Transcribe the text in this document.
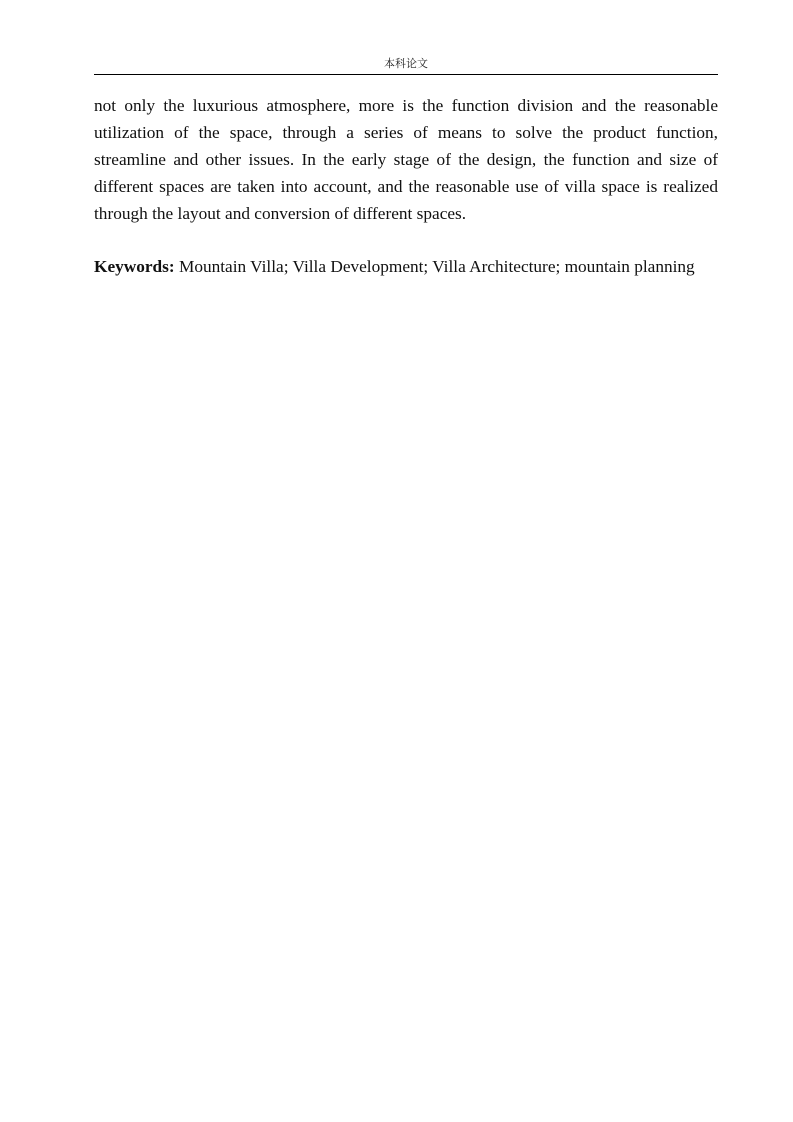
本科论文

not only the luxurious atmosphere, more is the function division and the reasonable utilization of the space, through a series of means to solve the product function, streamline and other issues. In the early stage of the design, the function and size of different spaces are taken into account, and the reasonable use of villa space is realized through the layout and conversion of different spaces.

Keywords: Mountain Villa; Villa Development; Villa Architecture; mountain planning
